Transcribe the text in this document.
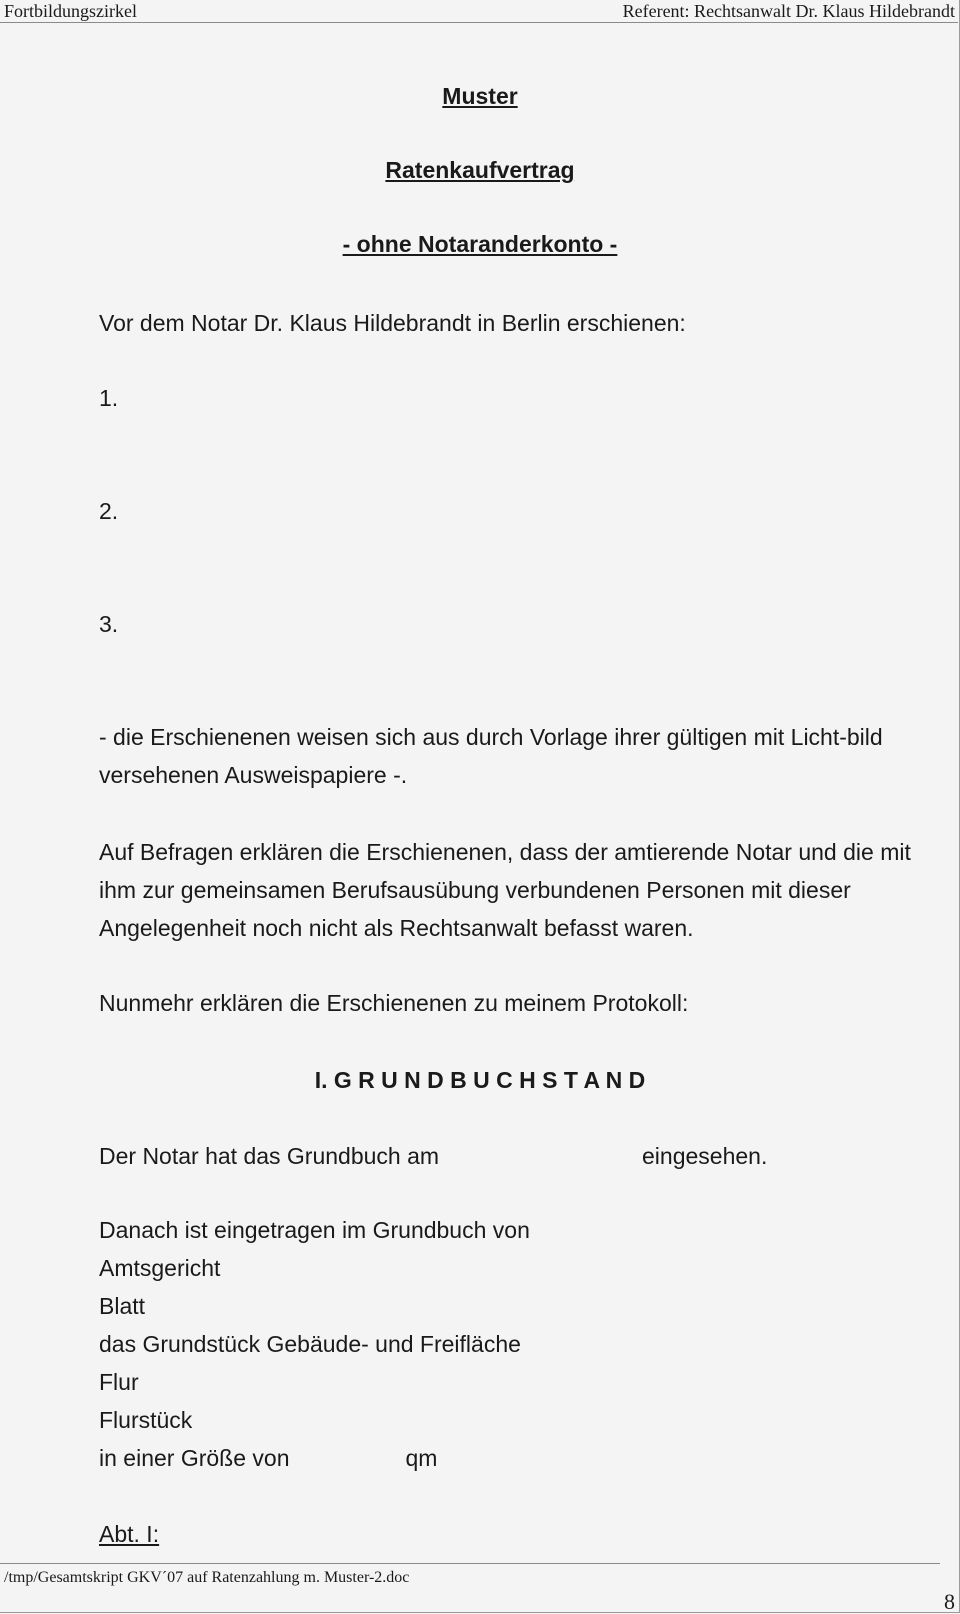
Fortbildungszirkel	Referent: Rechtsanwalt Dr. Klaus Hildebrandt
Muster
Ratenkaufvertrag
- ohne Notaranderkonto -
Vor dem Notar Dr. Klaus Hildebrandt in Berlin erschienen:
1.
2.
3.
- die Erschienenen weisen sich aus durch Vorlage ihrer gültigen mit Licht-bild versehenen Ausweispapiere -.
Auf Befragen erklären die Erschienenen, dass der amtierende Notar und die mit ihm zur gemeinsamen Berufsausübung verbundenen Personen mit dieser Angelegenheit noch nicht als Rechtsanwalt befasst waren.
Nunmehr erklären die Erschienenen zu meinem Protokoll:
I. G R U N D B U C H S T A N D
Der Notar hat das Grundbuch am	eingesehen.
Danach ist eingetragen im Grundbuch von
Amtsgericht
Blatt
das Grundstück Gebäude- und Freifläche
Flur
Flurstück
in einer Größe von	qm
Abt. I:
/tmp/Gesamtskript GKV´07 auf Ratenzahlung m. Muster-2.doc
8
